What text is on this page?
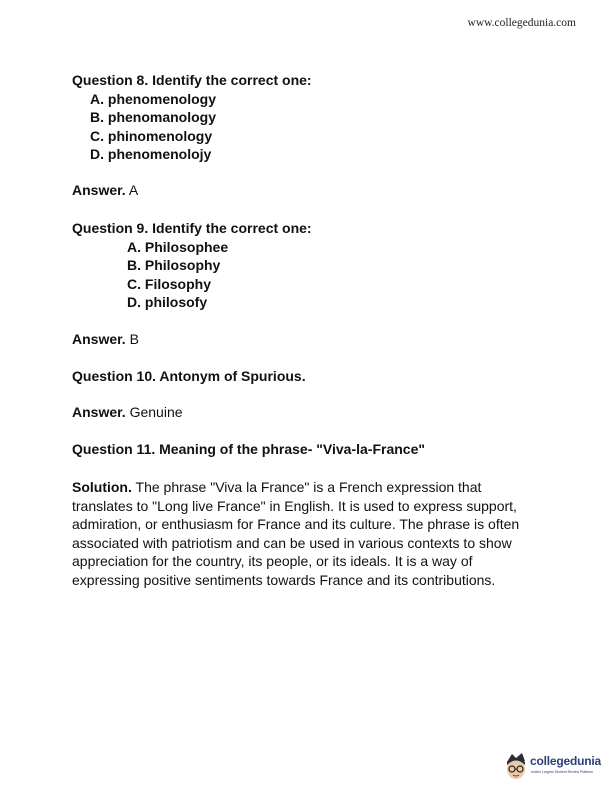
www.collegedunia.com
Question 8. Identify the correct one:
A. phenomenology
B. phenomanology
C. phinomenology
D. phenomenolojy
Answer. A
Question 9. Identify the correct one:
A. Philosophee
B. Philosophy
C. Filosophy
D. philosofy
Answer. B
Question 10. Antonym of Spurious.
Answer. Genuine
Question 11. Meaning of the phrase- "Viva-la-France"
Solution. The phrase "Viva la France" is a French expression that translates to "Long live France" in English. It is used to express support, admiration, or enthusiasm for France and its culture. The phrase is often associated with patriotism and can be used in various contexts to show appreciation for the country, its people, or its ideals. It is a way of expressing positive sentiments towards France and its contributions.
collegedunia
India's Largest Student Review Platform
